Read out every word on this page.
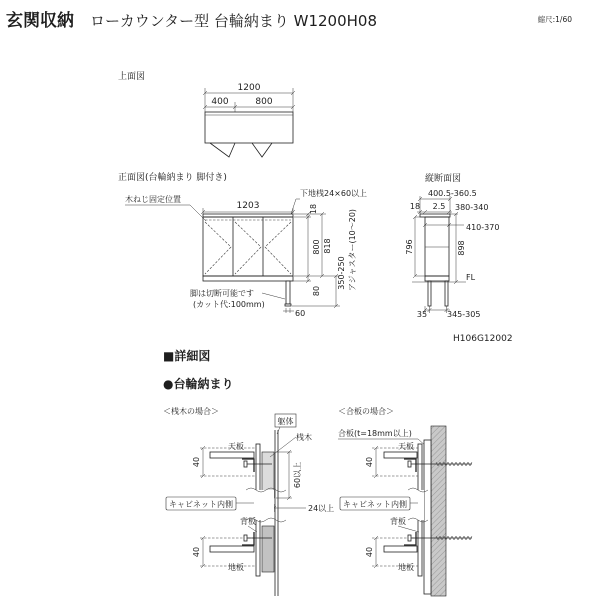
玄関収納 ローカウンター型 台輪納まり W1200H08	縮尺:1/60
上面図
1200
400	800
正面図(台輪納まり 脚付き)
木ねじ固定位置
1203
下地桟24×60以上
60
脚は切断可能です
(カット代:100mm)
18
800 818
80
350-250 アジャスター(10〜20)
縦断面図
400.5-360.5
18 2.5 380-340
410-370
796	898
FL
35 345-305
H106G12002
■詳細図
●台輪納まり
＜桟木の場合＞
躯体
桟木
40
天板
60以上
24以上
キャビネット内側
背板
40
地板
＜合板の場合＞
合板(t=18mm以上)
40
天板
キャビネット内側
背板
40
地板
